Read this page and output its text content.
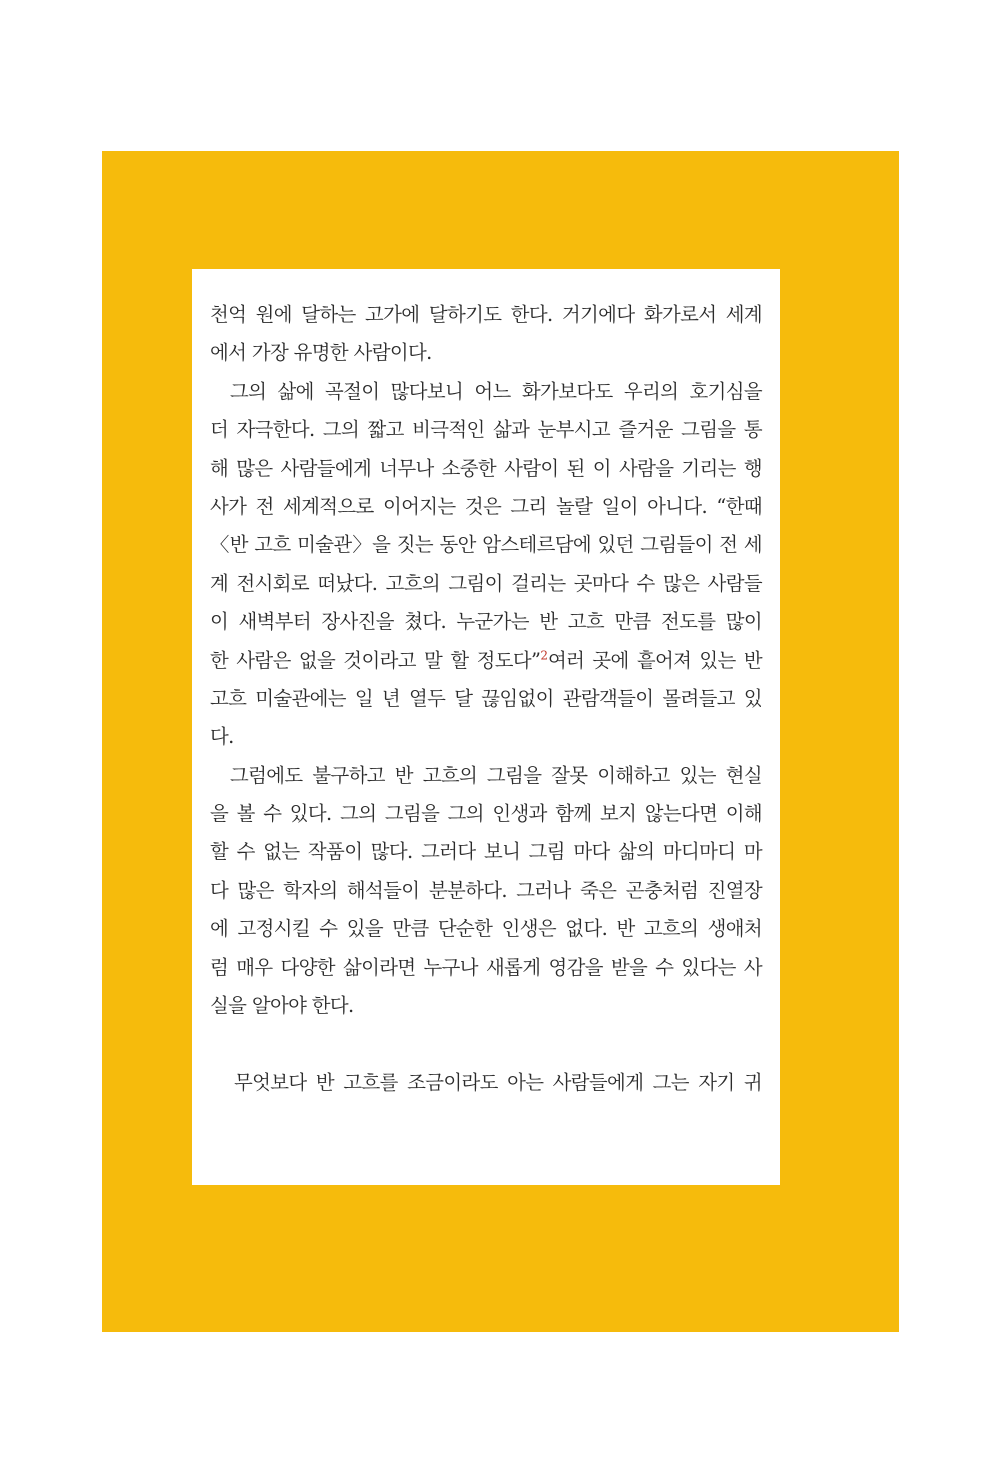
천억 원에 달하는 고가에 달하기도 한다. 거기에다 화가로서 세계
에서 가장 유명한 사람이다.
그의 삶에 곡절이 많다보니 어느 화가보다도 우리의 호기심을
더 자극한다. 그의 짧고 비극적인 삶과 눈부시고 즐거운 그림을 통
해 많은 사람들에게 너무나 소중한 사람이 된 이 사람을 기리는 행
사가 전 세계적으로 이어지는 것은 그리 놀랄 일이 아니다. “한때
〈반 고흐 미술관〉을 짓는 동안 암스테르담에 있던 그림들이 전 세
계 전시회로 떠났다. 고흐의 그림이 걸리는 곳마다 수 많은 사람들
이 새벽부터 장사진을 쳤다. 누군가는 반 고흐 만큼 전도를 많이
한 사람은 없을 것이라고 말 할 정도다”$^2$여러 곳에 흩어져 있는 반
고흐 미술관에는 일 년 열두 달 끊임없이 관람객들이 몰려들고 있
다.
그럼에도 불구하고 반 고흐의 그림을 잘못 이해하고 있는 현실
을 볼 수 있다. 그의 그림을 그의 인생과 함께 보지 않는다면 이해
할 수 없는 작품이 많다. 그러다 보니 그림 마다 삶의 마디마디 마
다 많은 학자의 해석들이 분분하다. 그러나 죽은 곤충처럼 진열장
에 고정시킬 수 있을 만큼 단순한 인생은 없다. 반 고흐의 생애처
럼 매우 다양한 삶이라면 누구나 새롭게 영감을 받을 수 있다는 사
실을 알아야 한다.
무엇보다 반 고흐를 조금이라도 아는 사람들에게 그는 자기 귀
